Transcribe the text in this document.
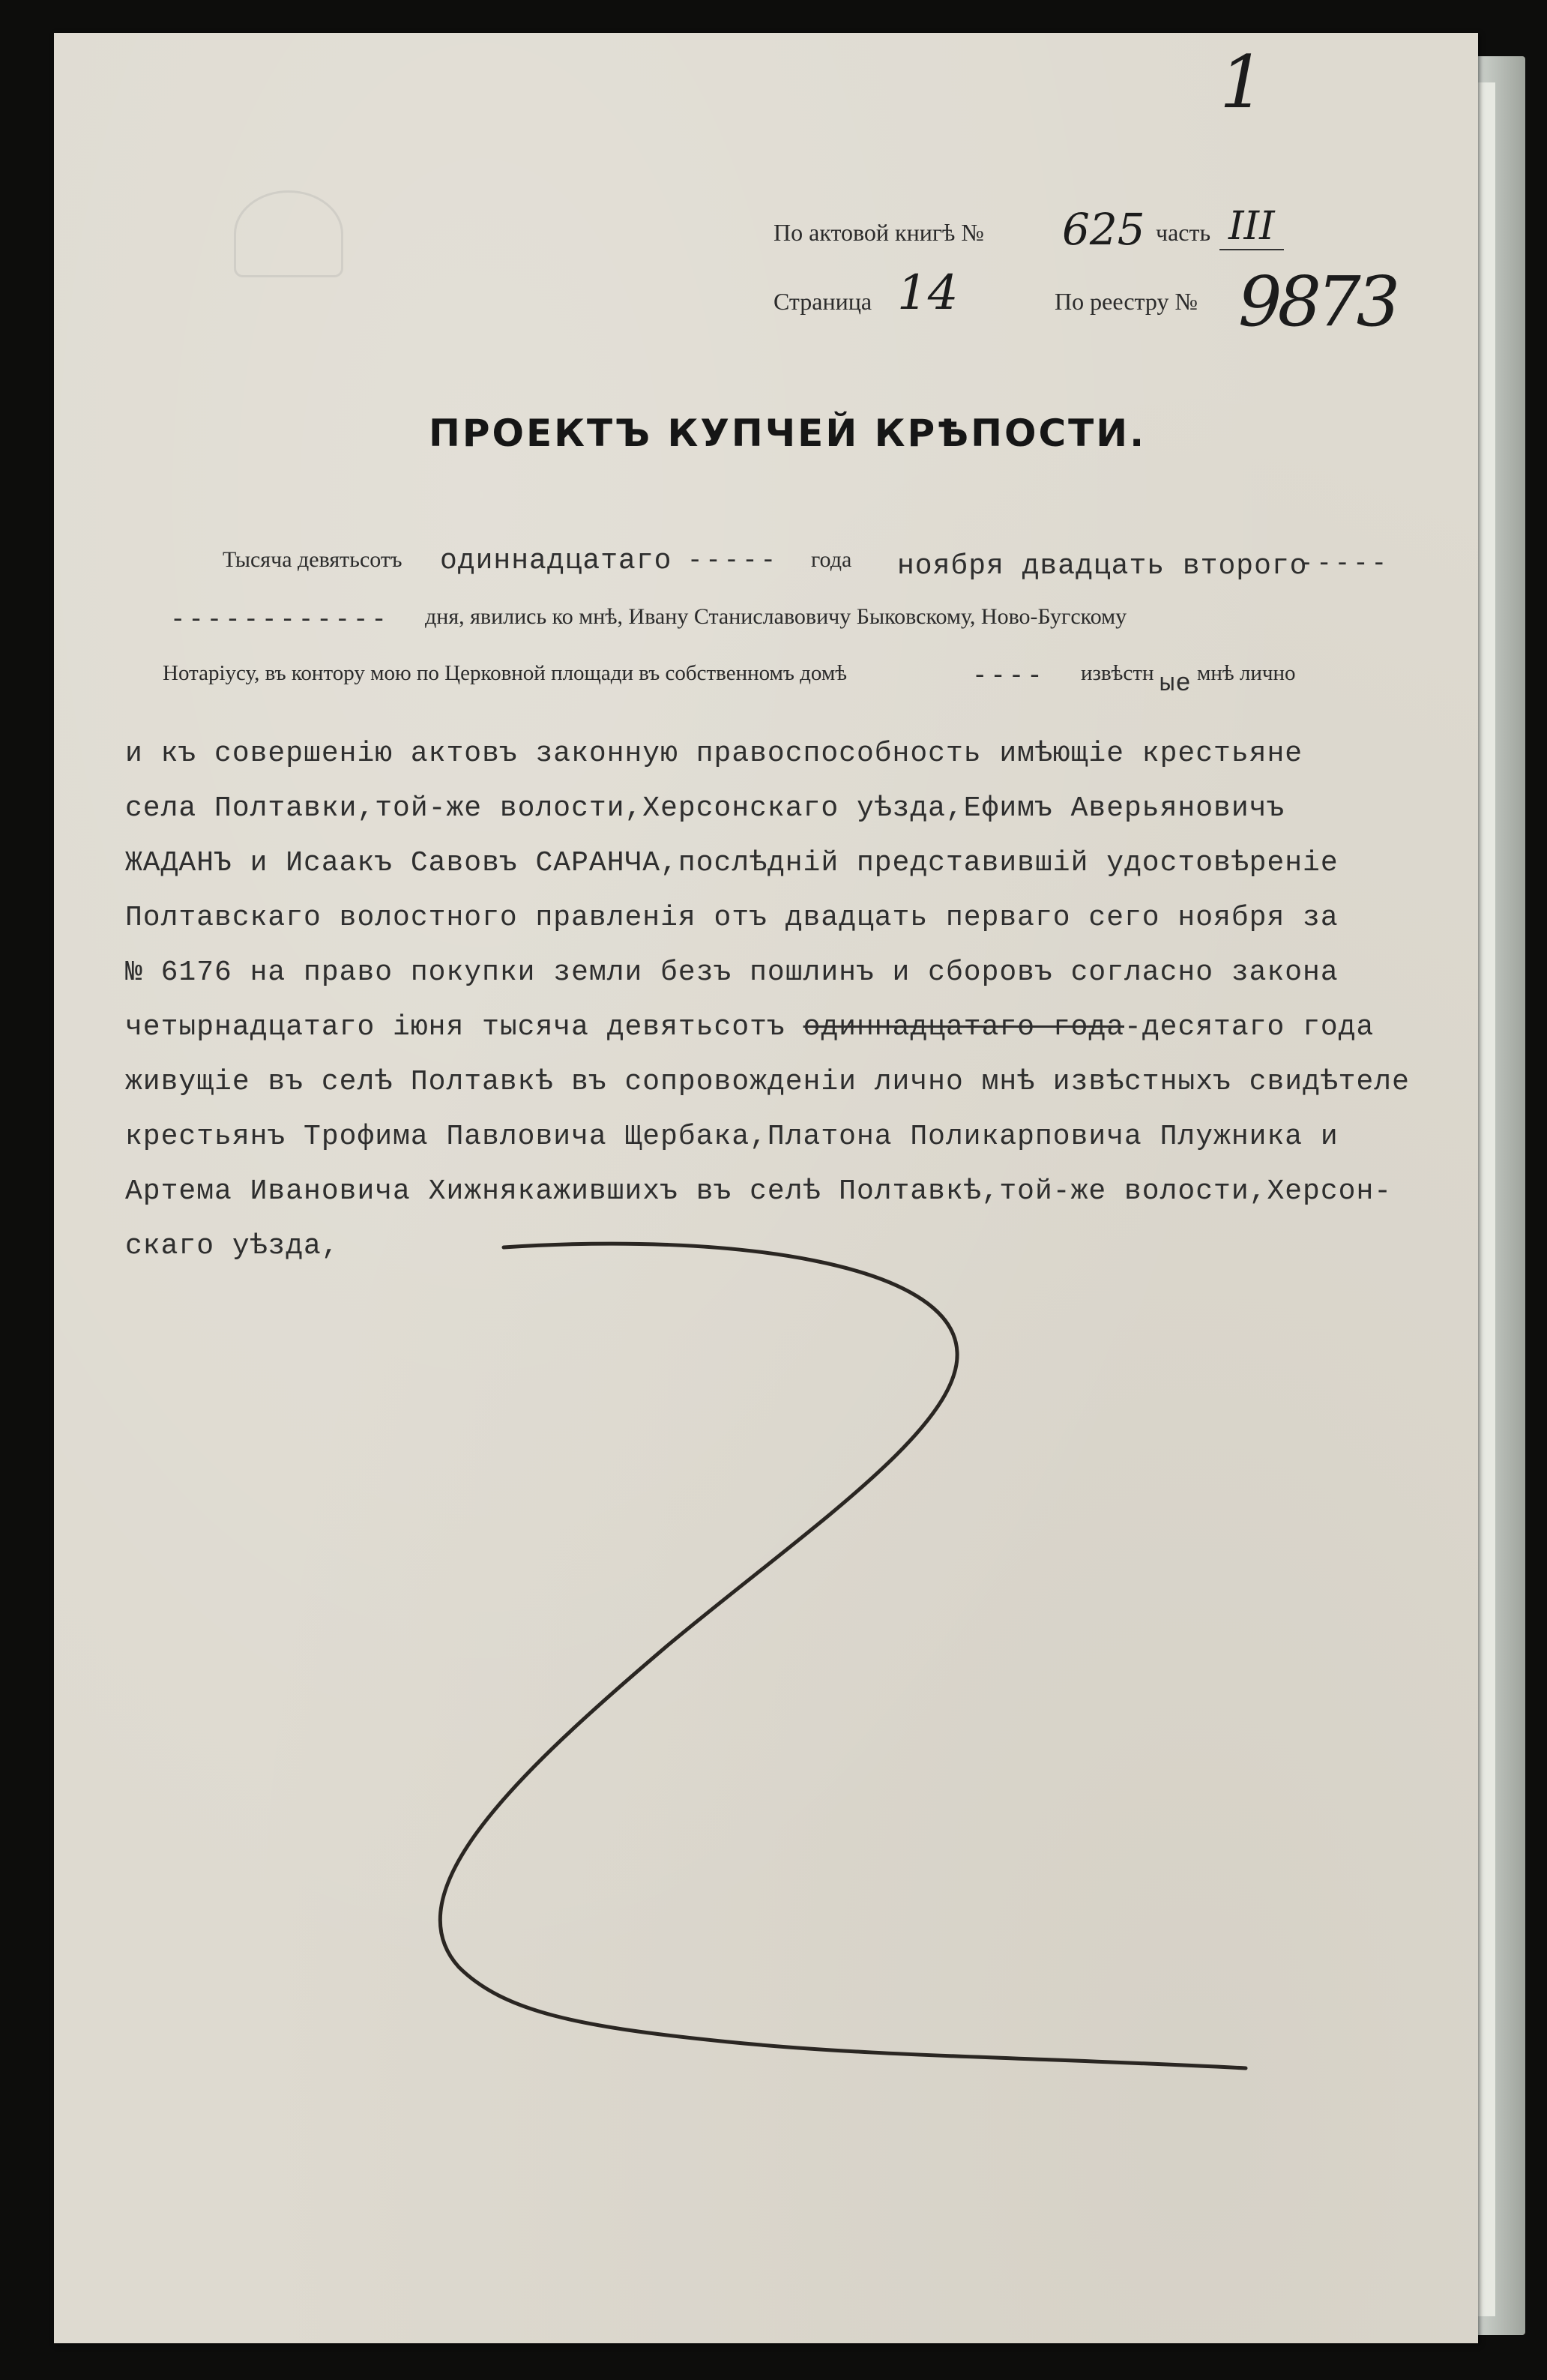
1
По актовой книгѣ № 625 часть III
Страница 14	По реестру № 9873
ПРОЕКТЪ КУПЧЕЙ КРѢПОСТИ.
Тысяча девятьсотъ одиннадцатаго ----- года ноября двадцать второго
-----
------------ дня, явились ко мнѣ, Ивану Станиславовичу Быковскому, Ново-Бугскому
Нотаріусу, въ контору мою по Церковной площади въ собственномъ домѣ	---- извѣстн ые мнѣ лично
и къ совершенію актовъ законную правоспособность имѣющіе крестьяне
села Полтавки,той-же волости,Херсонскаго уѣзда,Ефимъ Аверьяновичъ
ЖАДАНЪ и Исаакъ Савовъ САРАНЧА,послѣдній представившій удостовѣреніе
Полтавскаго волостного правленія отъ двадцать перваго сего ноября за
№ 6176 на право покупки земли безъ пошлинъ и сборовъ согласно закона
четырнадцатаго іюня тысяча девятьсотъ одиннадцатаго года-десятаго года
живущіе въ селѣ Полтавкѣ въ сопровожденіи лично мнѣ извѣстныхъ свидѣтеле
крестьянъ Трофима Павловича Щербака,Платона Поликарповича Плужника и
Артема Ивановича Хижнякажившихъ въ селѣ Полтавкѣ,той-же волости,Херсон-
скаго уѣзда,
